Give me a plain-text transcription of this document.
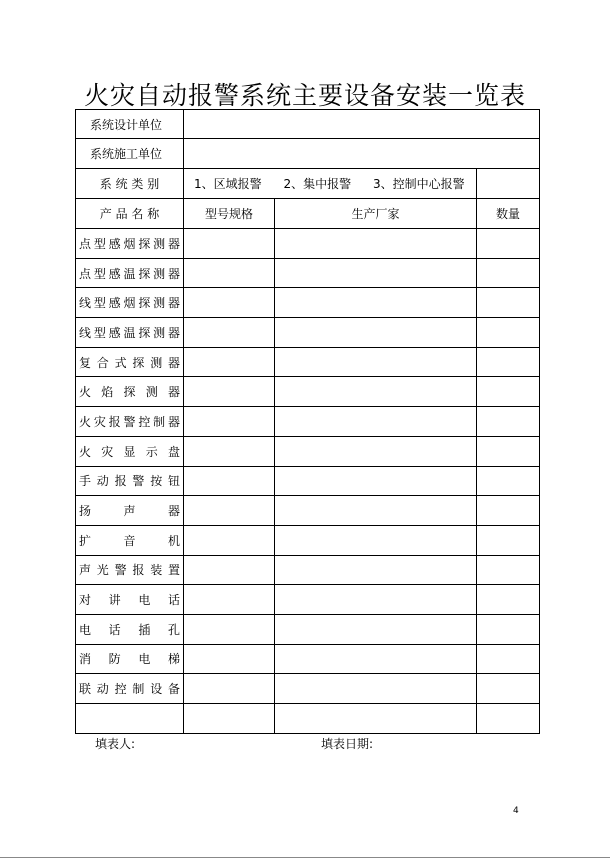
火灾自动报警系统主要设备安装一览表
系统设计单位			
系统施工单位			
系 统 类 别	1、区域报警 2、集中报警 3、控制中心报警		
产 品 名 称	型号规格	生产厂家	数量
点型感烟探测器			
点型感温探测器			
线型感烟探测器			
线型感温探测器			
复合式探测器			
火焰探测器			
火灾报警控制器			
火灾显示盘			
手动报警按钮			
扬声器			
扩音机			
声光警报装置			
对讲电话			
电话插孔			
消防电梯			
联动控制设备			

填表人:	填表日期:
4
